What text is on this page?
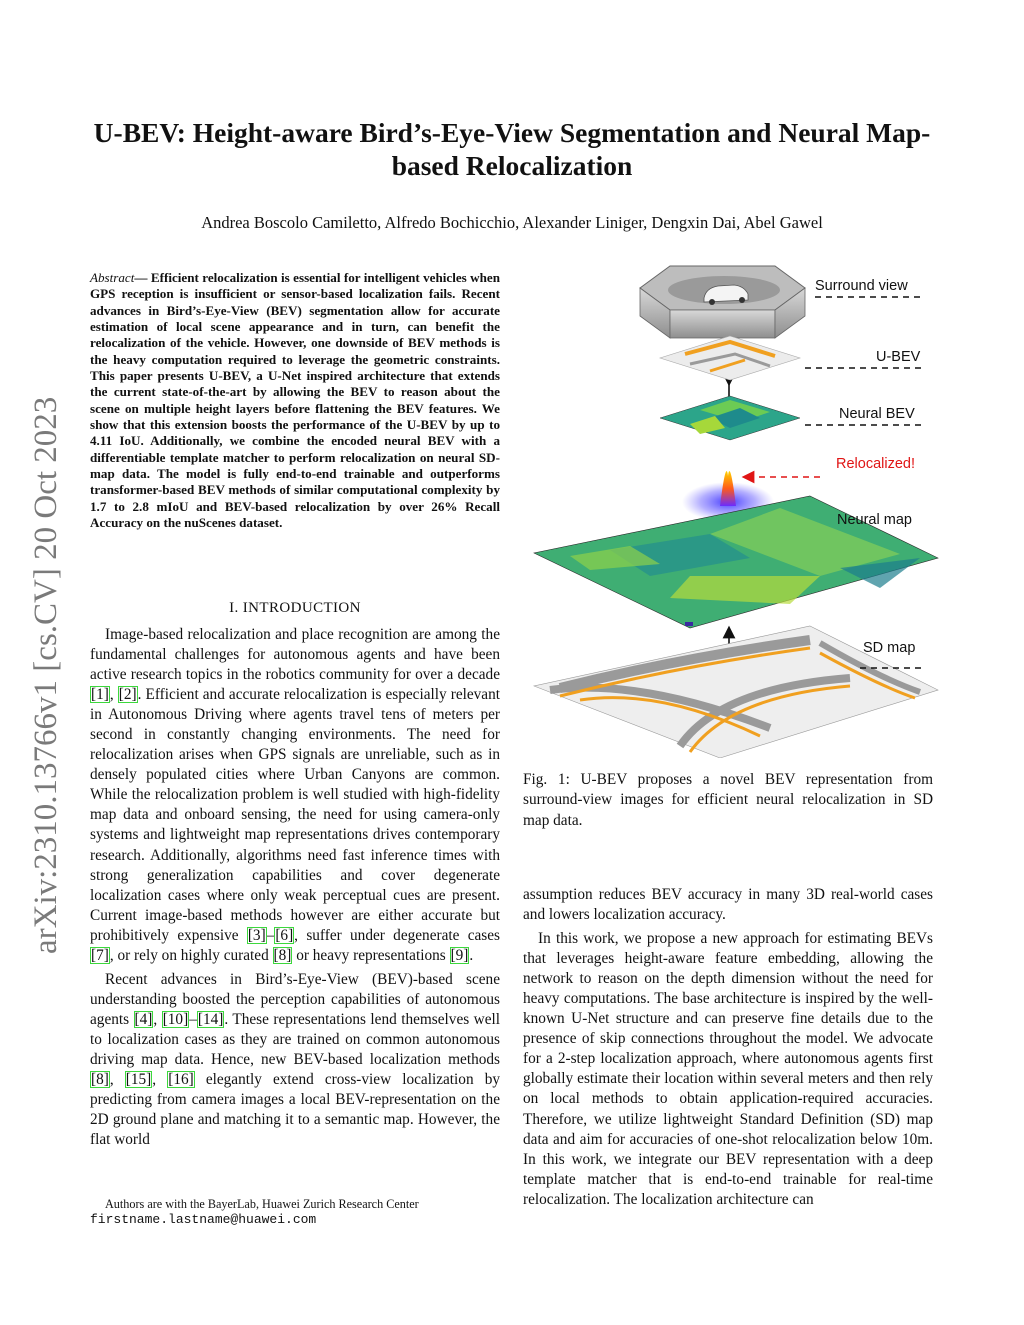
arXiv:2310.13766v1 [cs.CV] 20 Oct 2023
U-BEV: Height-aware Bird’s-Eye-View Segmentation and Neural Map-based Relocalization
Andrea Boscolo Camiletto, Alfredo Bochicchio, Alexander Liniger, Dengxin Dai, Abel Gawel
Abstract— Efficient relocalization is essential for intelligent vehicles when GPS reception is insufficient or sensor-based localization fails. Recent advances in Bird’s-Eye-View (BEV) segmentation allow for accurate estimation of local scene appearance and in turn, can benefit the relocalization of the vehicle. However, one downside of BEV methods is the heavy computation required to leverage the geometric constraints. This paper presents U-BEV, a U-Net inspired architecture that extends the current state-of-the-art by allowing the BEV to reason about the scene on multiple height layers before flattening the BEV features. We show that this extension boosts the performance of the U-BEV by up to 4.11 IoU. Additionally, we combine the encoded neural BEV with a differentiable template matcher to perform relocalization on neural SD-map data. The model is fully end-to-end trainable and outperforms transformer-based BEV methods of similar computational complexity by 1.7 to 2.8 mIoU and BEV-based relocalization by over 26% Recall Accuracy on the nuScenes dataset.
I. INTRODUCTION

Image-based relocalization and place recognition are among the fundamental challenges for autonomous agents and have been active research topics in the robotics community for over a decade [1], [2]. Efficient and accurate relocalization is especially relevant in Autonomous Driving where agents travel tens of meters per second in constantly changing environments. The need for relocalization arises when GPS signals are unreliable, such as in densely populated cities where Urban Canyons are common. While the relocalization problem is well studied with high-fidelity map data and onboard sensing, the need for using camera-only systems and lightweight map representations drives contemporary research. Additionally, algorithms need fast inference times with strong generalization capabilities and cover degenerate localization cases where only weak perceptual cues are present. Current image-based methods however are either accurate but prohibitively expensive [3]–[6], suffer under degenerate cases [7], or rely on highly curated [8] or heavy representations [9].

Recent advances in Bird’s-Eye-View (BEV)-based scene understanding boosted the perception capabilities of autonomous agents [4], [10]–[14]. These representations lend themselves well to localization cases as they are trained on common autonomous driving map data. Hence, new BEV-based localization methods [8], [15], [16] elegantly extend cross-view localization by predicting from camera images a local BEV-representation on the 2D ground plane and matching it to a semantic map. However, the flat world

Authors are with the BayerLab, Huawei Zurich Research Center

firstname.lastname@huawei.com

Surround view
U-BEV
Neural BEV
Relocalized!
Neural map
SD map
Fig. 1: U-BEV proposes a novel BEV representation from surround-view images for efficient neural relocalization in SD map data.

assumption reduces BEV accuracy in many 3D real-world cases and lowers localization accuracy.

In this work, we propose a new approach for estimating BEVs that leverages height-aware feature embedding, allowing the network to reason on the depth dimension without the need for heavy computations. The base architecture is inspired by the well-known U-Net structure and can preserve fine details due to the presence of skip connections throughout the model. We advocate for a 2-step localization approach, where autonomous agents first globally estimate their location within several meters and then rely on local methods to obtain application-required accuracies. Therefore, we utilize lightweight Standard Definition (SD) map data and aim for accuracies of one-shot relocalization below 10m. In this work, we integrate our BEV representation with a deep template matcher that is end-to-end trainable for real-time relocalization. The localization architecture can
